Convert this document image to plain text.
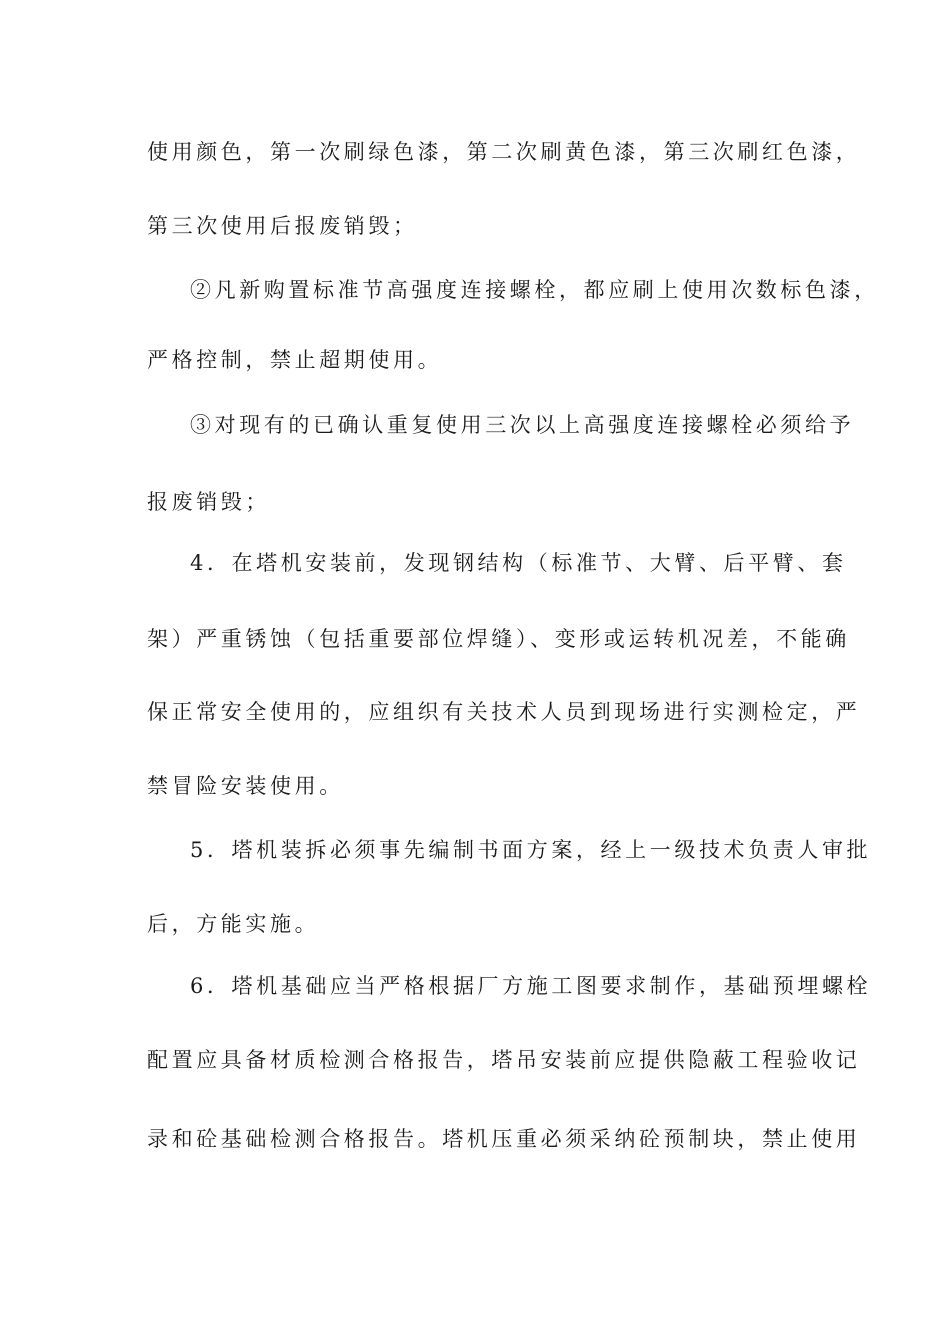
使用颜色，第一次刷绿色漆，第二次刷黄色漆，第三次刷红色漆，
第三次使用后报废销毁；
②凡新购置标准节高强度连接螺栓，都应刷上使用次数标色漆，
严格控制，禁止超期使用。
③对现有的已确认重复使用三次以上高强度连接螺栓必须给予
报废销毁；
4．在塔机安装前，发现钢结构（标准节、大臂、后平臂、套
架）严重锈蚀（包括重要部位焊缝）、变形或运转机况差，不能确
保正常安全使用的，应组织有关技术人员到现场进行实测检定，严
禁冒险安装使用。
5．塔机装拆必须事先编制书面方案，经上一级技术负责人审批
后，方能实施。
6．塔机基础应当严格根据厂方施工图要求制作，基础预埋螺栓
配置应具备材质检测合格报告，塔吊安装前应提供隐蔽工程验收记
录和砼基础检测合格报告。塔机压重必须采纳砼预制块，禁止使用
